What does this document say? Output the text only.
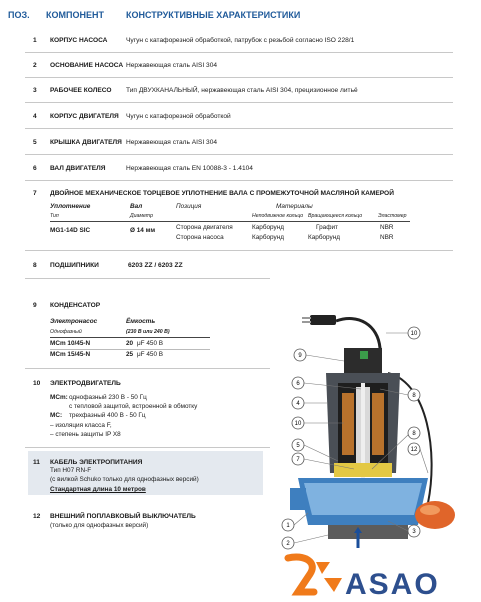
ПОЗ. КОМПОНЕНТ КОНСТРУКТИВНЫЕ ХАРАКТЕРИСТИКИ
1 КОРПУС НАСОСА	Чугун с катафорезной обработкой, патрубок с резьбой согласно ISO 228/1
2 ОСНОВАНИЕ НАСОСА Нержавеющая сталь AISI 304
3 РАБОЧЕЕ КОЛЕСО Тип ДВУХКАНАЛЬНЫЙ, нержавеющая сталь AISI 304, прецизионное литьё
4 КОРПУС ДВИГАТЕЛЯ Чугун с катафорезной обработкой
5 КРЫШКА ДВИГАТЕЛЯ Нержавеющая сталь AISI 304
6 ВАЛ ДВИГАТЕЛЯ	Нержавеющая сталь EN 10088-3 - 1.4104
7 ДВОЙНОЕ МЕХАНИЧЕСКОЕ ТОРЦЕВОЕ УПЛОТНЕНИЕ ВАЛА С ПРОМЕЖУТОЧНОЙ МАСЛЯНОЙ КАМЕРОЙ
Уплотнение	Вал	Позиция	Материалы
Тип	Диаметр	Неподвижное кольцо Вращающееся кольцо	Эластомер
MG1-14D SIC	Ø 14 мм	Сторона двигателя	Карборунд	Графит	NBR
Сторона насоса	Карборунд	Карборунд	NBR
8 ПОДШИПНИКИ	6203 ZZ / 6203 ZZ
9 КОНДЕНСАТОР
Электронасос	Ёмкость
Однофазный	(230 В или 240 В)
MCm 10/45-N	20 μF 450 В
MCm 15/45-N	25 μF 450 В
10 ЭЛЕКТРОДВИГАТЕЛЬ
MCm: однофазный 230 В - 50 Гц
с тепловой защитой, встроенной в обмотку
MC: трехфазный 400 В - 50 Гц
– изоляция класса F,
– степень защиты IP X8
11 КАБЕЛЬ ЭЛЕКТРОПИТАНИЯ
Тип H07 RN-F
(с вилкой Schuko только для однофазных версий)
Стандартная длина 10 метров
12 ВНЕШНИЙ ПОПЛАВКОВЫЙ ВЫКЛЮЧАТЕЛЬ
(только для однофазных версий)
10
9
6
8
4
10
5
7
8
12
1
2
3
ASAO
